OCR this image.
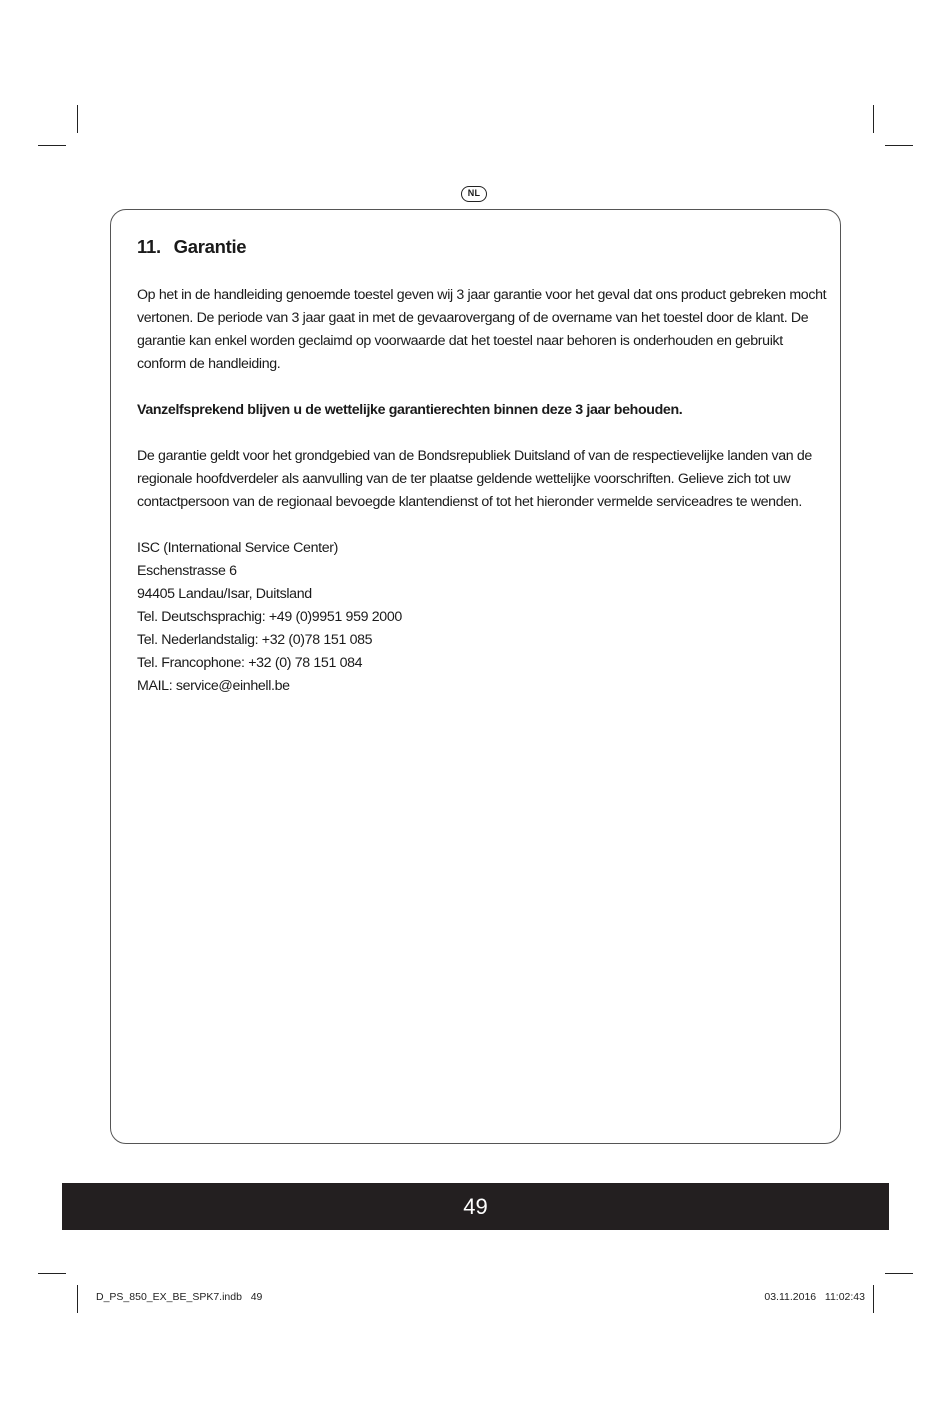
NL
11. Garantie

Op het in de handleiding genoemde toestel geven wij 3 jaar garantie voor het geval dat ons product gebreken mocht vertonen. De periode van 3 jaar gaat in met de gevaarovergang of de overname van het toestel door de klant. De garantie kan enkel worden geclaimd op voorwaarde dat het toestel naar behoren is onderhouden en gebruikt conform de handleiding.

Vanzelfsprekend blijven u de wettelijke garantierechten binnen deze 3 jaar behouden.

De garantie geldt voor het grondgebied van de Bondsrepubliek Duitsland of van de respectievelijke landen van de regionale hoofdverdeler als aanvulling van de ter plaatse geldende wettelijke voorschriften. Gelieve zich tot uw contactpersoon van de regionaal bevoegde klantendienst of tot het hieronder vermelde serviceadres te wenden.

ISC (International Service Center)
Eschenstrasse 6
94405 Landau/Isar, Duitsland
Tel. Deutschsprachig: +49 (0)9951 959 2000
Tel. Nederlandstalig: +32 (0)78 151 085
Tel. Francophone: +32 (0) 78 151 084
MAIL: service@einhell.be
49
D_PS_850_EX_BE_SPK7.indb   49	03.11.2016   11:02:43
